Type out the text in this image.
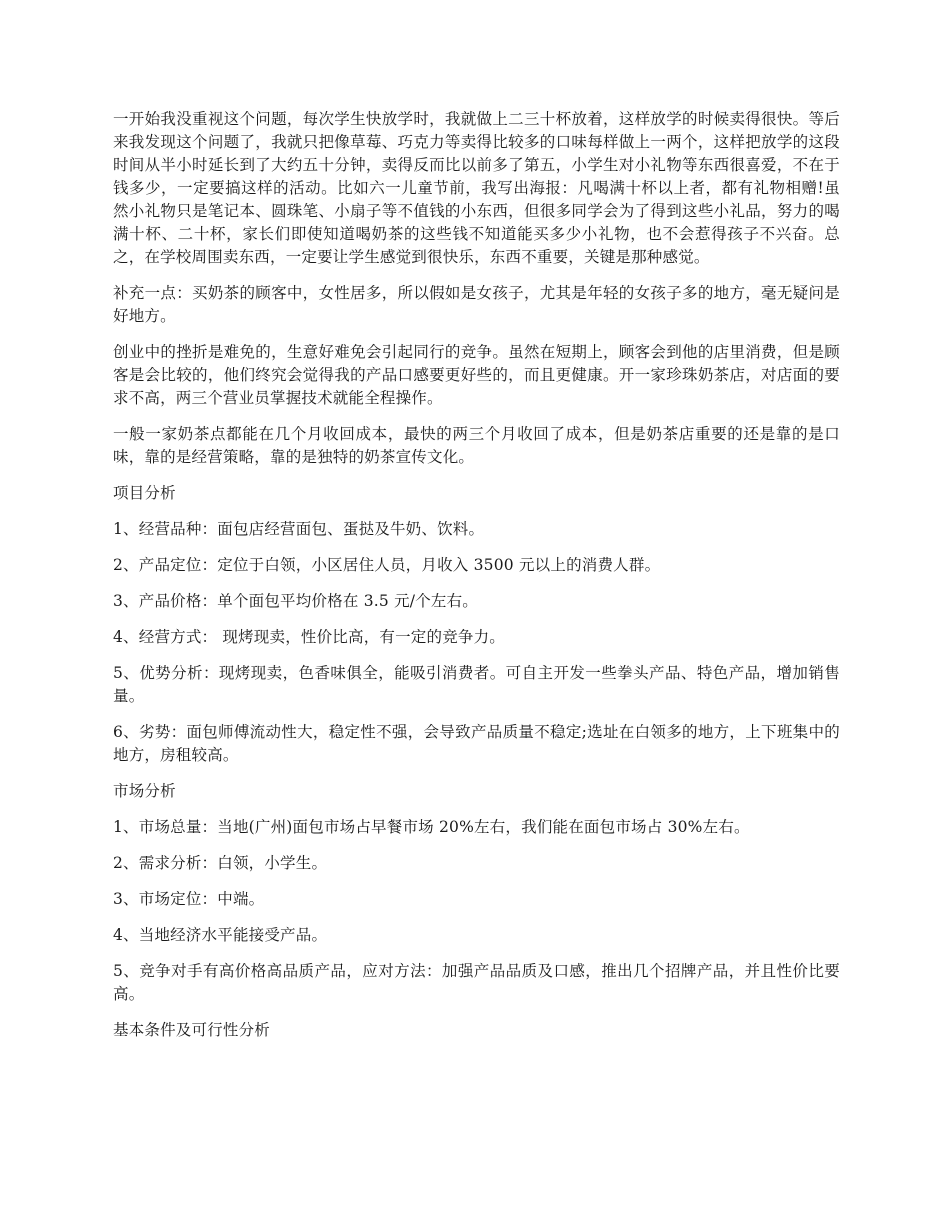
一开始我没重视这个问题，每次学生快放学时，我就做上二三十杯放着，这样放学的时候卖得很快。等后来我发现这个问题了，我就只把像草莓、巧克力等卖得比较多的口味每样做上一两个，这样把放学的这段时间从半小时延长到了大约五十分钟，卖得反而比以前多了第五，小学生对小礼物等东西很喜爱，不在于钱多少，一定要搞这样的活动。比如六一儿童节前，我写出海报：凡喝满十杯以上者，都有礼物相赠!虽然小礼物只是笔记本、圆珠笔、小扇子等不值钱的小东西，但很多同学会为了得到这些小礼品，努力的喝满十杯、二十杯，家长们即使知道喝奶茶的这些钱不知道能买多少小礼物，也不会惹得孩子不兴奋。总之，在学校周围卖东西，一定要让学生感觉到很快乐，东西不重要，关键是那种感觉。

补充一点：买奶茶的顾客中，女性居多，所以假如是女孩子，尤其是年轻的女孩子多的地方，毫无疑问是好地方。

创业中的挫折是难免的，生意好难免会引起同行的竞争。虽然在短期上，顾客会到他的店里消费，但是顾客是会比较的，他们终究会觉得我的产品口感要更好些的，而且更健康。开一家珍珠奶茶店，对店面的要求不高，两三个营业员掌握技术就能全程操作。

一般一家奶茶点都能在几个月收回成本，最快的两三个月收回了成本，但是奶茶店重要的还是靠的是口味，靠的是经营策略，靠的是独特的奶茶宣传文化。

项目分析

1、经营品种：面包店经营面包、蛋挞及牛奶、饮料。

2、产品定位：定位于白领，小区居住人员，月收入 3500 元以上的消费人群。

3、产品价格：单个面包平均价格在 3.5 元/个左右。

4、经营方式： 现烤现卖，性价比高，有一定的竞争力。

5、优势分析：现烤现卖，色香味俱全，能吸引消费者。可自主开发一些拳头产品、特色产品，增加销售量。

6、劣势：面包师傅流动性大，稳定性不强，会导致产品质量不稳定;选址在白领多的地方，上下班集中的地方，房租较高。

市场分析

1、市场总量：当地(广州)面包市场占早餐市场 20%左右，我们能在面包市场占 30%左右。

2、需求分析：白领，小学生。

3、市场定位：中端。

4、当地经济水平能接受产品。

5、竞争对手有高价格高品质产品，应对方法：加强产品品质及口感，推出几个招牌产品，并且性价比要高。

基本条件及可行性分析
